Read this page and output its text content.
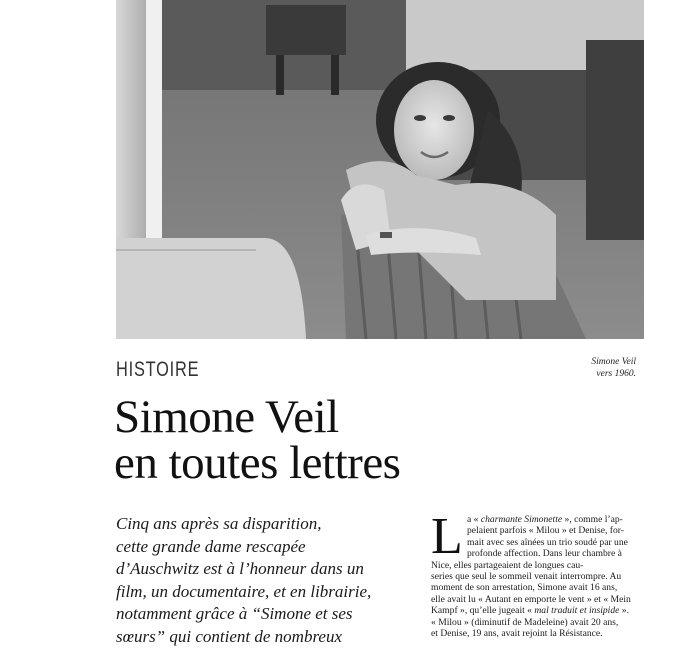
Simone Veil
vers 1960.
HISTOIRE
Simone Veil
en toutes lettres
Cinq ans après sa disparition,
cette grande dame rescapée
d’Auschwitz est à l’honneur dans un
film, un documentaire, et en librairie,
notamment grâce à “Simone et ses
sœurs” qui contient de nombreux
L a « charmante Simonette », comme l’ap-
pelaient parfois « Milou » et Denise, for-
mait avec ses aînées un trio soudé par une
profonde affection. Dans leur chambre à
Nice, elles partageaient de longues cau-
series que seul le sommeil venait interrompre. Au
moment de son arrestation, Simone avait 16 ans,
elle avait lu « Autant en emporte le vent » et « Mein
Kampf », qu’elle jugeait « mal traduit et insipide ».
« Milou » (diminutif de Madeleine) avait 20 ans,
et Denise, 19 ans, avait rejoint la Résistance.
